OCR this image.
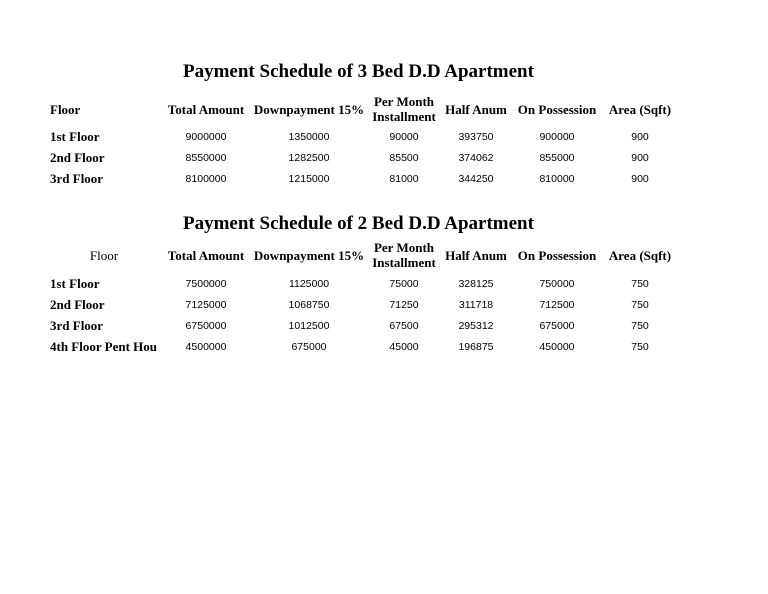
Payment Schedule of 3 Bed D.D Apartment
Floor	Total Amount	Downpayment 15%	Per Month Installment	Half Anum	On Possession	Area (Sqft)
1st Floor	9000000	1350000	90000	393750	900000	900
2nd Floor	8550000	1282500	85500	374062	855000	900
3rd Floor	8100000	1215000	81000	344250	810000	900
Payment Schedule of 2 Bed D.D Apartment
Floor	Total Amount	Downpayment 15%	Per Month Installment	Half Anum	On Possession	Area (Sqft)
1st Floor	7500000	1125000	75000	328125	750000	750
2nd Floor	7125000	1068750	71250	311718	712500	750
3rd Floor	6750000	1012500	67500	295312	675000	750
4th Floor Pent Hou	4500000	675000	45000	196875	450000	750
